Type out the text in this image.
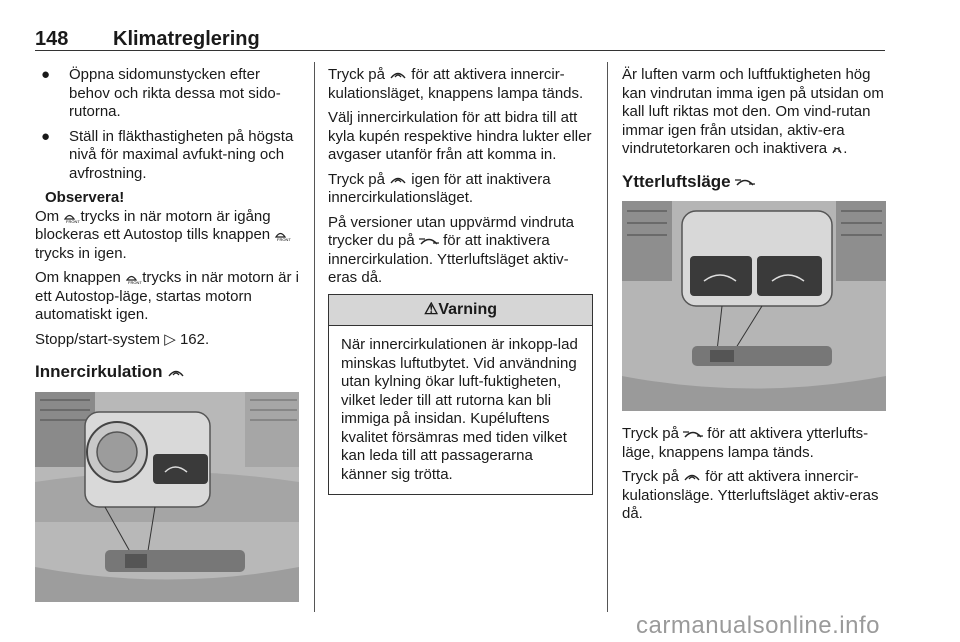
148 Klimatreglering
● Öppna sidomunstycken efter behov och rikta dessa mot sido-rutorna.
● Ställ in fläkthastigheten på högsta nivå för maximal avfukt-ning och avfrostning.
Observera!

Om FRONT trycks in när motorn är igång blockeras ett Autostop tills knappen FRONT
trycks in igen.

Om knappen FRONT trycks in när motorn är i ett Autostop-läge, startas motorn automatiskt igen.

Stopp/start-system ▷ 162.

Innercirkulation

Tryck på för att aktivera innercir-kulationsläget, knappens lampa tänds.

Välj innercirkulation för att bidra till att kyla kupén respektive hindra lukter eller avgaser utanför från att komma in.

Tryck på igen för att inaktivera innercirkulationsläget.

På versioner utan uppvärmd vindruta trycker du på för att inaktivera innercirkulation. Ytterluftsläget aktiv-eras då.

⚠Varning
När innercirkulationen är inkopp-lad minskas luftutbytet. Vid användning utan kylning ökar luft-fuktigheten, vilket leder till att rutorna kan bli immiga på insidan. Kupéluftens kvalitet försämras med tiden vilket kan leda till att passagerarna känner sig trötta.

Är luften varm och luftfuktigheten hög kan vindrutan imma igen på utsidan om kall luft riktas mot den. Om vind-rutan immar igen från utsidan, aktiv-era vindrutetorkaren och inaktivera .

Ytterluftsläge

Tryck på för att aktivera ytterlufts-läge, knappens lampa tänds.

Tryck på för att aktivera innercir-kulationsläge. Ytterluftsläget aktiv-eras då.

carmanualsonline.info
